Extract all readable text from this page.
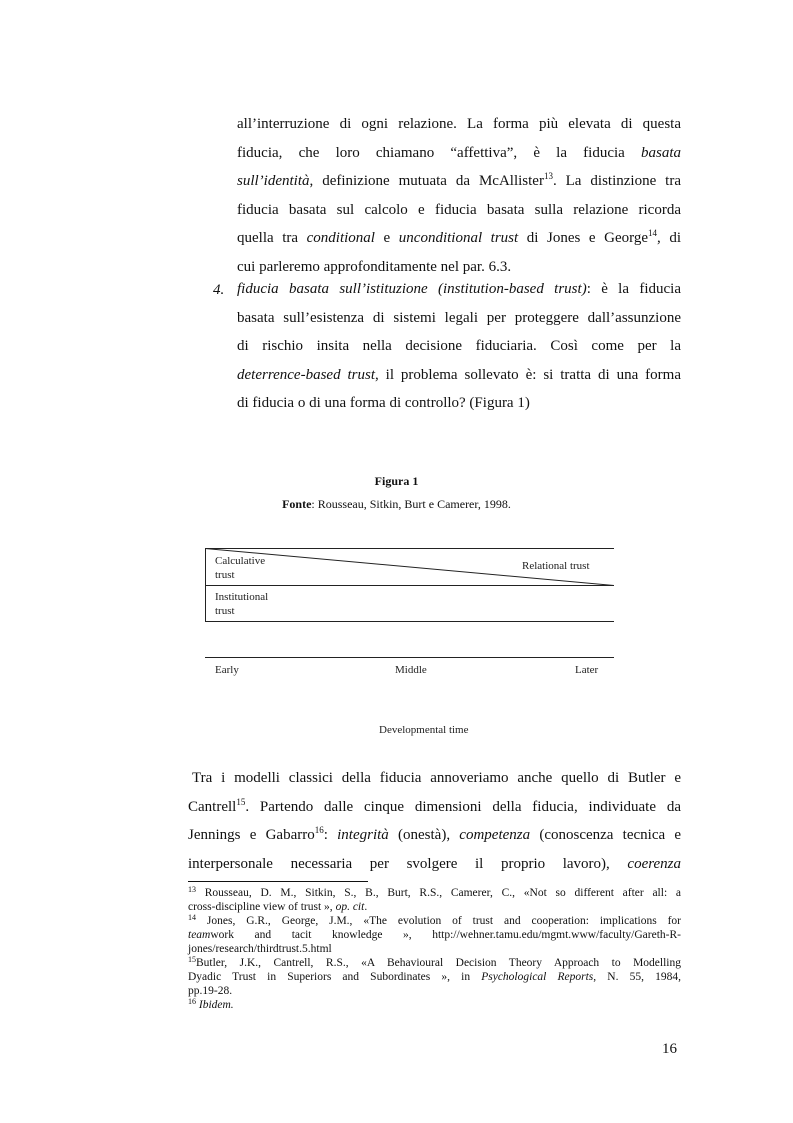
all’interruzione di ogni relazione. La forma più elevata di questa
fiducia, che loro chiamano “affettiva”, è la fiducia basata
sull’identità, definizione mutuata da McAllister$^{13}$. La distinzione tra
fiducia basata sul calcolo e fiducia basata sulla relazione ricorda
quella tra conditional e unconditional trust di Jones e George$^{14}$, di
cui parleremo approfonditamente nel par. 6.3.
4. fiducia basata sull’istituzione (institution-based trust): è la fiducia
basata sull’esistenza di sistemi legali per proteggere dall’assunzione
di rischio insita nella decisione fiduciaria. Così come per la
deterrence-based trust, il problema sollevato è: si tratta di una forma
di fiducia o di una forma di controllo? (Figura 1)
Figura 1
Fonte: Rousseau, Sitkin, Burt e Camerer, 1998.
Calculative trust
Relational trust
Institutional trust
Early	Middle	Later
Developmental time
Tra i modelli classici della fiducia annoveriamo anche quello di Butler e
Cantrell$^{15}$. Partendo dalle cinque dimensioni della fiducia, individuate da
Jennings e Gabarro$^{16}$: integrità (onestà), competenza (conoscenza tecnica e
interpersonale necessaria per svolgere il proprio lavoro), coerenza
$^{13}$ Rousseau, D. M., Sitkin, S., B., Burt, R.S., Camerer, C., «Not so different after all: a
cross-discipline view of trust », op. cit.
$^{14}$ Jones, G.R., George, J.M., «The evolution of trust and cooperation: implications for
teamwork and tacit knowledge », http://wehner.tamu.edu/mgmt.www/faculty/Gareth-R-
jones/research/thirdtrust.5.html
$^{15}$Butler, J.K., Cantrell, R.S., «A Behavioural Decision Theory Approach to Modelling
Dyadic Trust in Superiors and Subordinates », in Psychological Reports, N. 55, 1984,
pp.19-28.
$^{16}$ Ibidem.
16
